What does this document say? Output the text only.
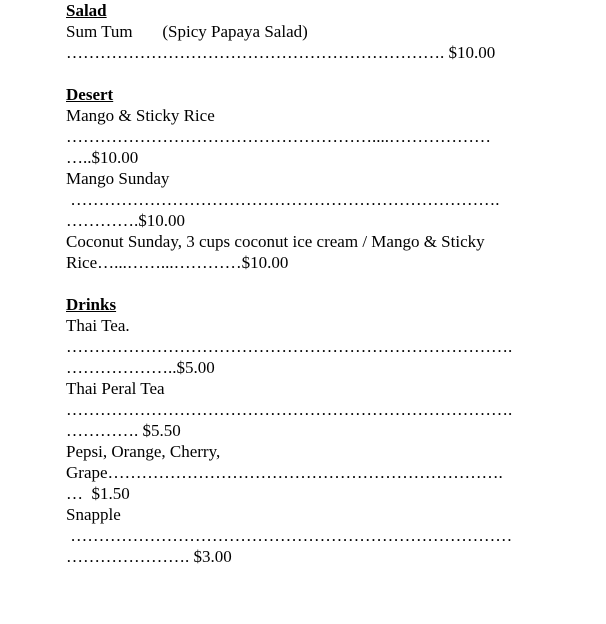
Salad
Sum Tum       (Spicy Papaya Salad)
…………………………………………………………. $10.00
Desert
Mango & Sticky Rice
………………………………………………....………………
…..$10.00
Mango Sunday
………………………………………………………………….
………….$10.00
Coconut Sunday, 3 cups coconut ice cream / Mango & Sticky
Rice…...……...…………$10.00
Drinks
Thai Tea.
…………………………………………………………………….
………………..$5.00
Thai Peral Tea
…………………………………………………………………….
…………. $5.50
Pepsi, Orange, Cherry,
Grape…………………………………………………………….
…  $1.50
Snapple
……………………………………………………………………
…………………. $3.00
